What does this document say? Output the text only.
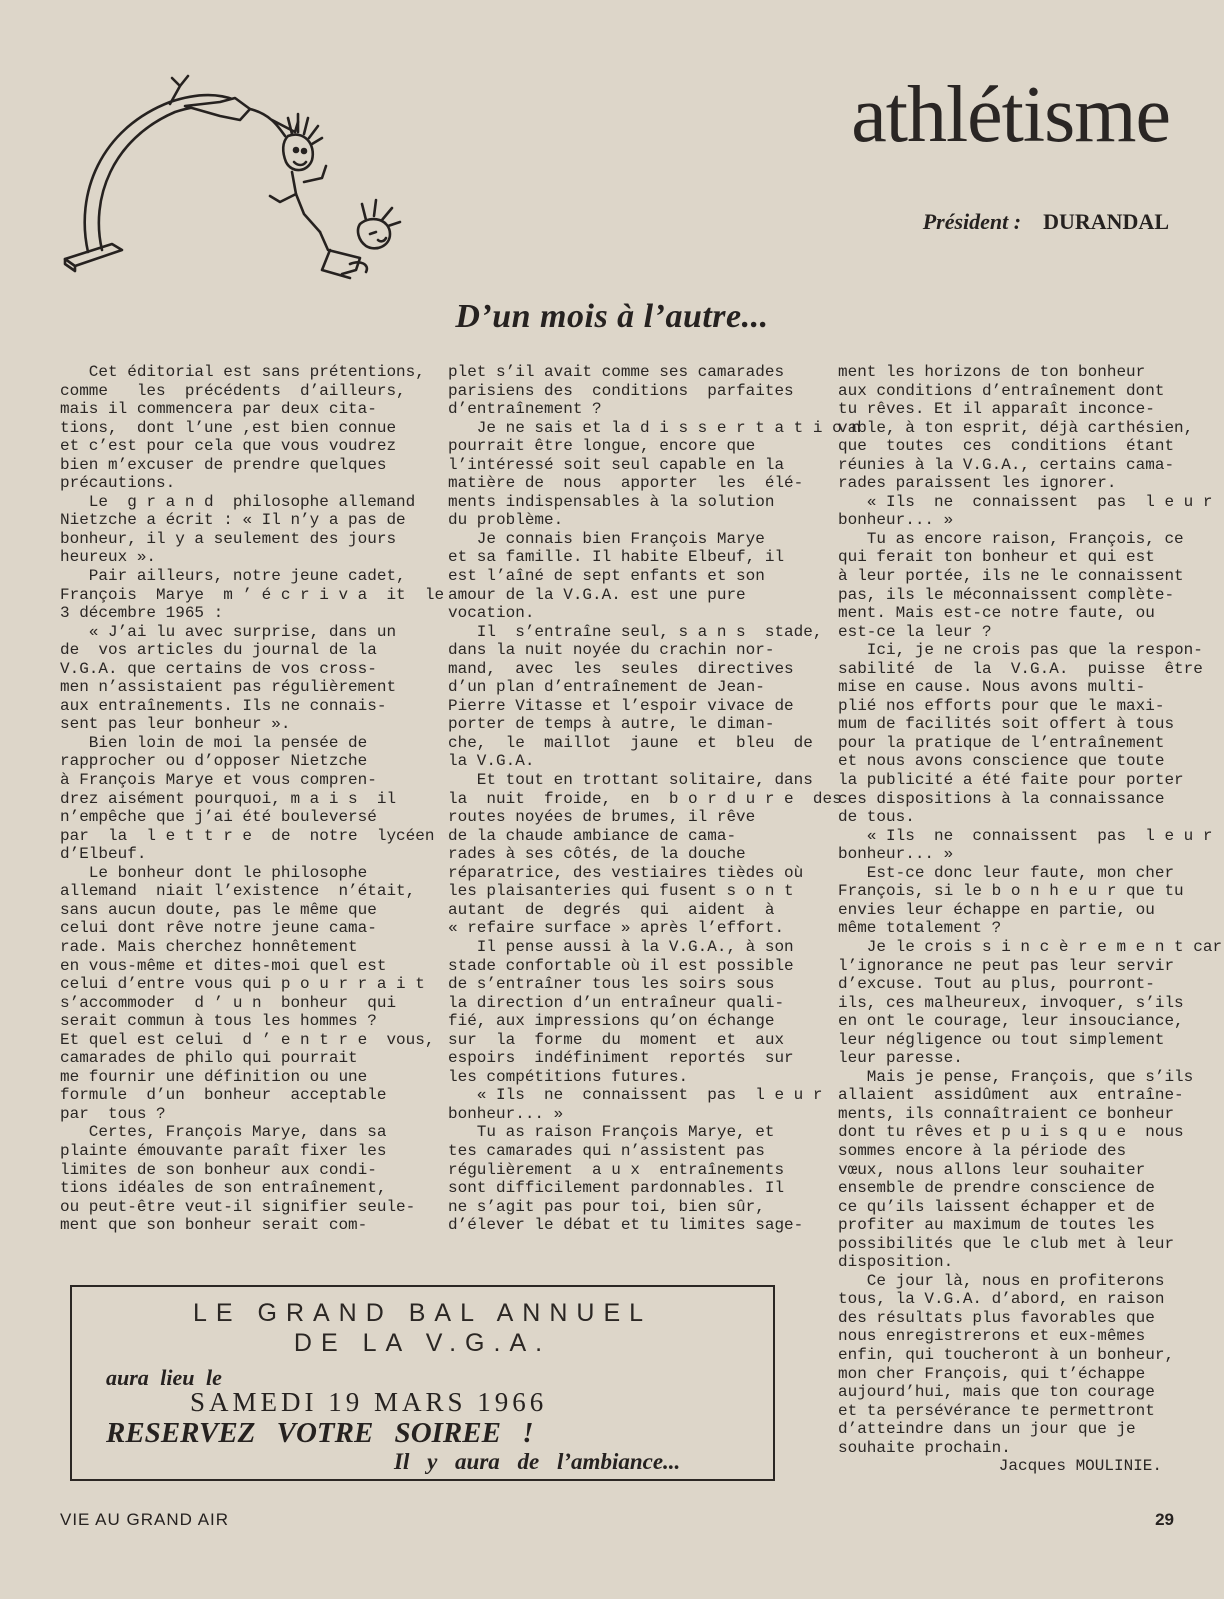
athlétisme
Président : DURANDAL
D’un mois à l’autre...
Cet éditorial est sans prétentions,
comme   les  précédents  d’ailleurs,
mais il commencera par deux cita-
tions,  dont l’une ,est bien connue
et c’est pour cela que vous voudrez
bien m’excuser de prendre quelques
précautions.
Le  g r a n d  philosophe allemand
Nietzche a écrit : « Il n’y a pas de
bonheur, il y a seulement des jours
heureux ».
Pair ailleurs, notre jeune cadet,
François  Marye  m ’ é c r i v a  it  le
3 décembre 1965 :
« J’ai lu avec surprise, dans un
de  vos articles du journal de la
V.G.A. que certains de vos cross-
men n’assistaient pas régulièrement
aux entraînements. Ils ne connais-
sent pas leur bonheur ».
Bien loin de moi la pensée de
rapprocher ou d’opposer Nietzche
à François Marye et vous compren-
drez aisément pourquoi, m a i s  il
n’empêche que j’ai été bouleversé
par  la  l e t t r e  de  notre  lycéen
d’Elbeuf.
Le bonheur dont le philosophe
allemand  niait l’existence  n’était,
sans aucun doute, pas le même que
celui dont rêve notre jeune cama-
rade. Mais cherchez honnêtement
en vous-même et dites-moi quel est
celui d’entre vous qui p o u r r a i t
s’accommoder  d ’ u n  bonheur  qui
serait commun à tous les hommes ?
Et quel est celui  d ’ e n t r e  vous,
camarades de philo qui pourrait
me fournir une définition ou une
formule  d’un  bonheur  acceptable
par  tous ?
Certes, François Marye, dans sa
plainte émouvante paraît fixer les
limites de son bonheur aux condi-
tions idéales de son entraînement,
ou peut-être veut-il signifier seule-
ment que son bonheur serait com-
plet s’il avait comme ses camarades
parisiens des  conditions  parfaites
d’entraînement ?
Je ne sais et la d i s s e r t a t i o n
pourrait être longue, encore que
l’intéressé soit seul capable en la
matière de  nous  apporter  les  élé-
ments indispensables à la solution
du problème.
Je connais bien François Marye
et sa famille. Il habite Elbeuf, il
est l’aîné de sept enfants et son
amour de la V.G.A. est une pure
vocation.
Il  s’entraîne seul, s a n s  stade,
dans la nuit noyée du crachin nor-
mand,  avec  les  seules  directives
d’un plan d’entraînement de Jean-
Pierre Vitasse et l’espoir vivace de
porter de temps à autre, le diman-
che,  le  maillot  jaune  et  bleu  de
la V.G.A.
Et tout en trottant solitaire, dans
la  nuit  froide,  en  b o r d u r e  des
routes noyées de brumes, il rêve
de la chaude ambiance de cama-
rades à ses côtés, de la douche
réparatrice, des vestiaires tièdes où
les plaisanteries qui fusent s o n t
autant  de  degrés  qui  aident  à
« refaire surface » après l’effort.
Il pense aussi à la V.G.A., à son
stade confortable où il est possible
de s’entraîner tous les soirs sous
la direction d’un entraîneur quali-
fié, aux impressions qu’on échange
sur  la  forme  du  moment  et  aux
espoirs  indéfiniment  reportés  sur
les compétitions futures.
« Ils  ne  connaissent  pas  l e u r
bonheur... »
Tu as raison François Marye, et
tes camarades qui n’assistent pas
régulièrement  a u x  entraînements
sont difficilement pardonnables. Il
ne s’agit pas pour toi, bien sûr,
d’élever le débat et tu limites sage-
ment les horizons de ton bonheur
aux conditions d’entraînement dont
tu rêves. Et il apparaît inconce-
vable, à ton esprit, déjà carthésien,
que  toutes  ces  conditions  étant
réunies à la V.G.A., certains cama-
rades paraissent les ignorer.
« Ils  ne  connaissent  pas  l e u r
bonheur... »
Tu as encore raison, François, ce
qui ferait ton bonheur et qui est
à leur portée, ils ne le connaissent
pas, ils le méconnaissent complète-
ment. Mais est-ce notre faute, ou
est-ce la leur ?
Ici, je ne crois pas que la respon-
sabilité  de  la  V.G.A.  puisse  être
mise en cause. Nous avons multi-
plié nos efforts pour que le maxi-
mum de facilités soit offert à tous
pour la pratique de l’entraînement
et nous avons conscience que toute
la publicité a été faite pour porter
ces dispositions à la connaissance
de tous.
« Ils  ne  connaissent  pas  l e u r
bonheur... »
Est-ce donc leur faute, mon cher
François, si le b o n h e u r que tu
envies leur échappe en partie, ou
même totalement ?
Je le crois s i n c è r e m e n t car
l’ignorance ne peut pas leur servir
d’excuse. Tout au plus, pourront-
ils, ces malheureux, invoquer, s’ils
en ont le courage, leur insouciance,
leur négligence ou tout simplement
leur paresse.
Mais je pense, François, que s’ils
allaient  assidûment  aux  entraîne-
ments, ils connaîtraient ce bonheur
dont tu rêves et p u i s q u e  nous
sommes encore à la période des
vœux, nous allons leur souhaiter
ensemble de prendre conscience de
ce qu’ils laissent échapper et de
profiter au maximum de toutes les
possibilités que le club met à leur
disposition.
Ce jour là, nous en profiterons
tous, la V.G.A. d’abord, en raison
des résultats plus favorables que
nous enregistrerons et eux-mêmes
enfin, qui toucheront à un bonheur,
mon cher François, qui t’échappe
aujourd’hui, mais que ton courage
et ta persévérance te permettront
d’atteindre dans un jour que je
souhaite prochain.
Jacques MOULINIE.
LE GRAND BAL ANNUEL
DE LA V.G.A.
aura lieu le
SAMEDI 19 MARS 1966
RESERVEZ VOTRE SOIREE !
Il y aura de l’ambiance...
VIE AU GRAND AIR	29
